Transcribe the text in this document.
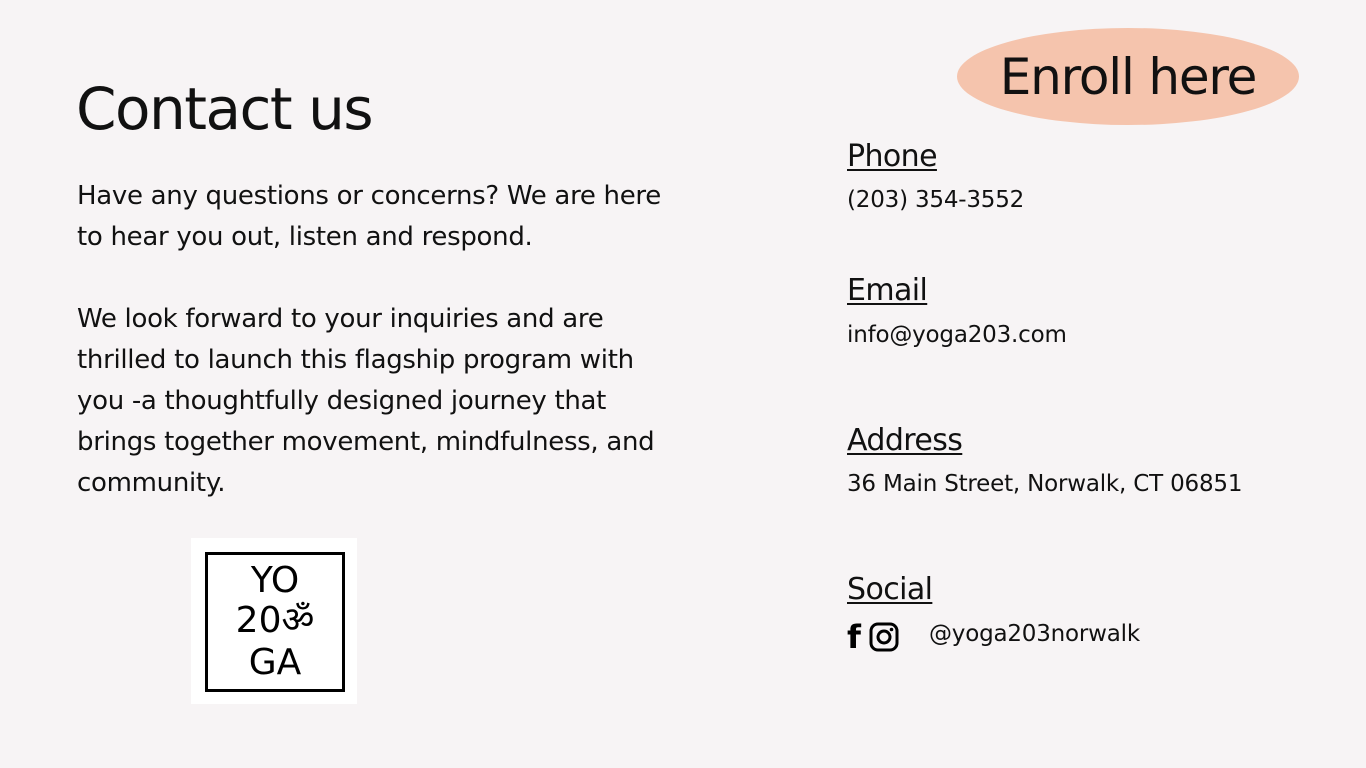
Contact us

Have any questions or concerns? We are here to hear you out, listen and respond.

We look forward to your inquiries and are thrilled to launch this flagship program with you -a thoughtfully designed journey that brings together movement, mindfulness, and community.

YO
20ॐ
GA
Enroll here
Phone
(203) 354-3552
Email
info@yoga203.com
Address
36 Main Street, Norwalk, CT 06851
Social
f	@yoga203norwalk
